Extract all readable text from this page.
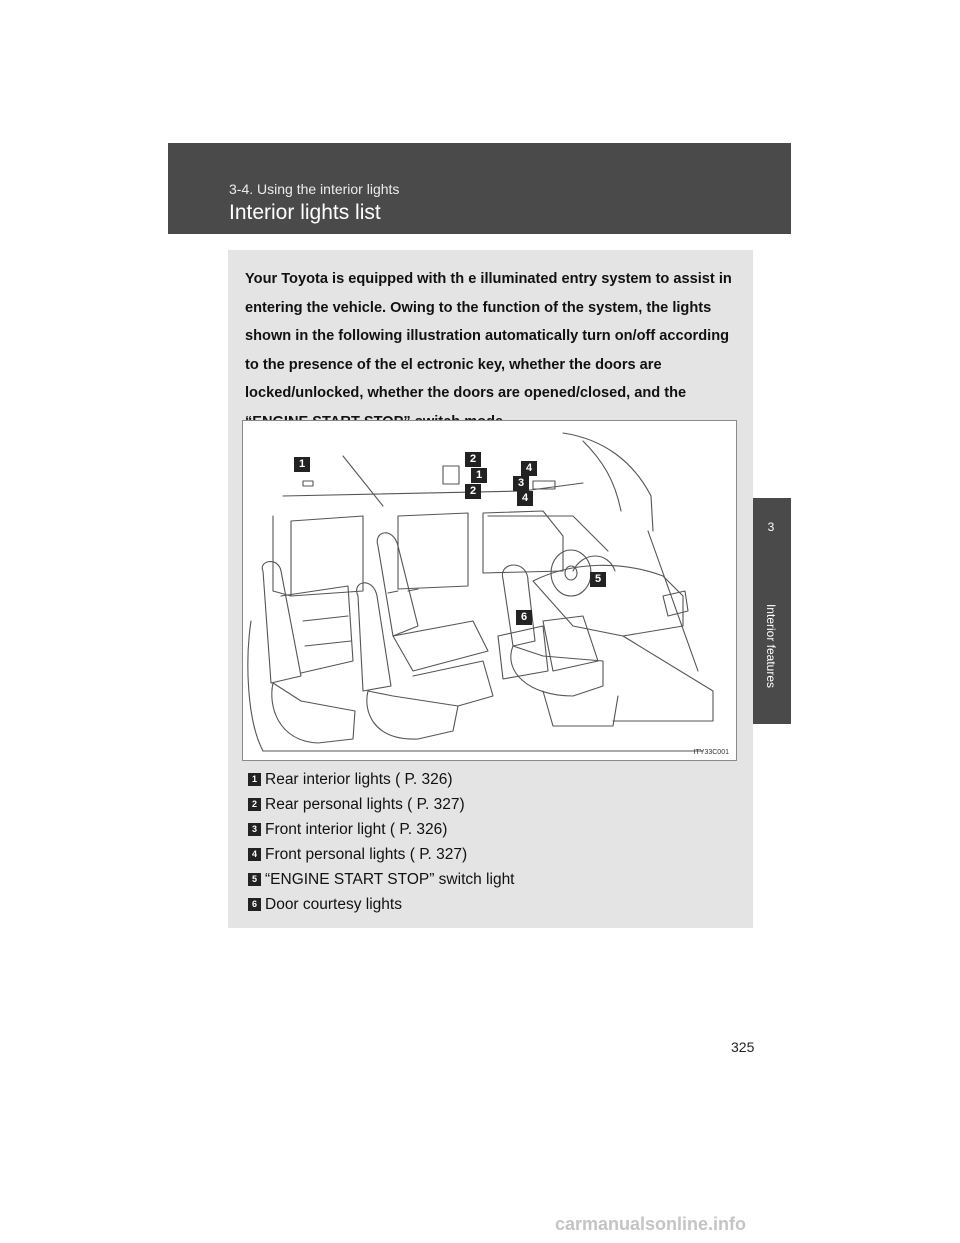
3-4. Using the interior lights
Interior lights list
3
Interior features
Your Toyota is equipped with th e illuminated entry system to assist in entering the vehicle. Owing to the function of the system, the lights shown in the following illustration automatically turn on/off according to the presence of the el ectronic key, whether the doors are locked/unlocked, whether the doors are opened/closed, and the
1	2
1
2
4
3
4
5
6
ITY33C001
1 Rear interior lights ( P. 326)
2 Rear personal lights ( P. 327)
3 Front interior light ( P. 326)
4 Front personal lights ( P. 327)
5 “ENGINE START STOP” switch light
6 Door courtesy lights
325
carmanualsonline.info
